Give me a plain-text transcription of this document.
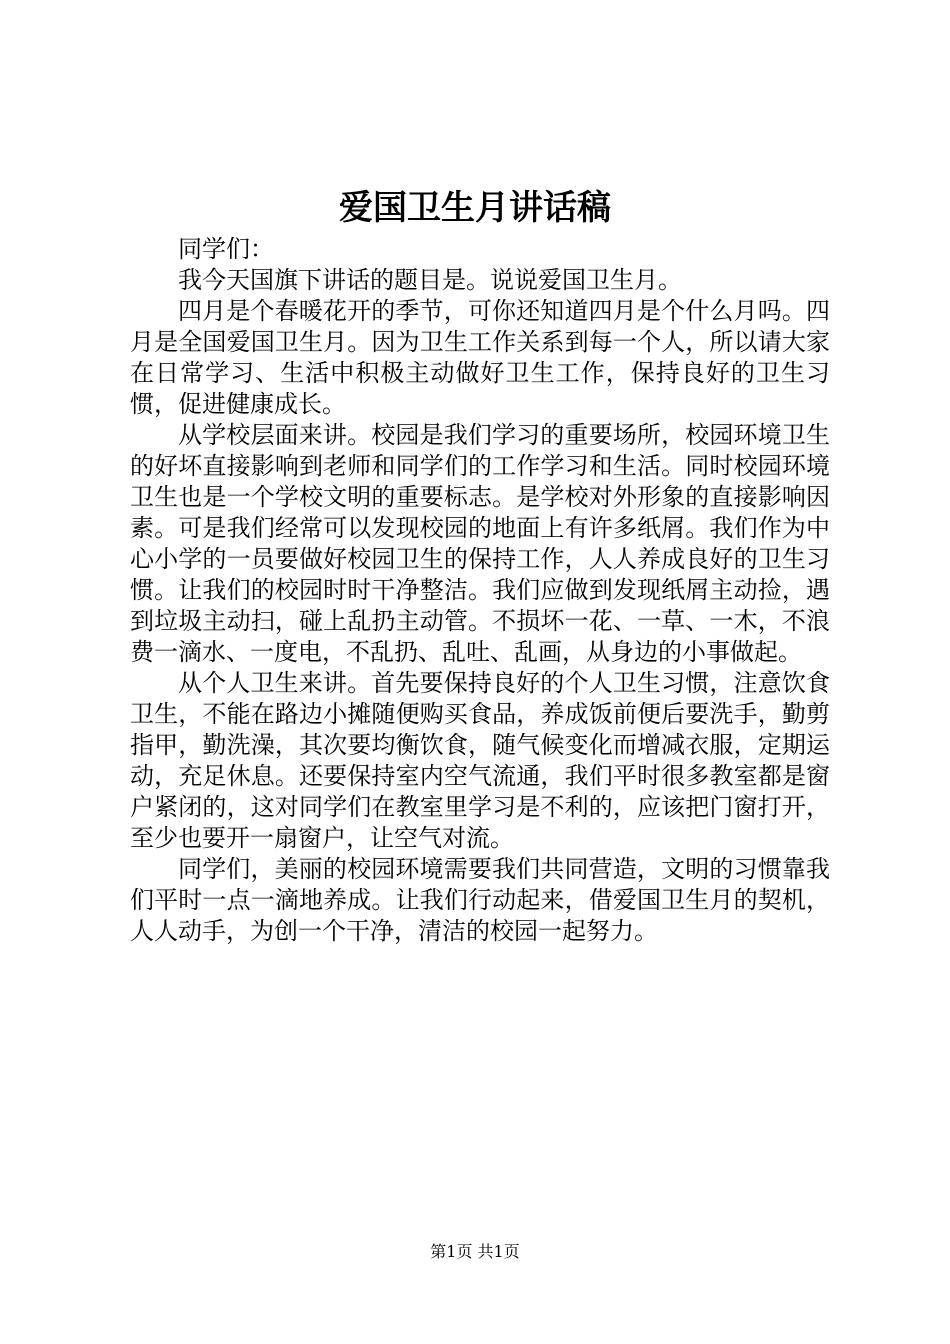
爱国卫生月讲话稿

同学们：

我今天国旗下讲话的题目是。说说爱国卫生月。

四月是个春暖花开的季节，可你还知道四月是个什么月吗。四月是全国爱国卫生月。因为卫生工作关系到每一个人，所以请大家在日常学习、生活中积极主动做好卫生工作，保持良好的卫生习惯，促进健康成长。

从学校层面来讲。校园是我们学习的重要场所，校园环境卫生的好坏直接影响到老师和同学们的工作学习和生活。同时校园环境卫生也是一个学校文明的重要标志。是学校对外形象的直接影响因素。可是我们经常可以发现校园的地面上有许多纸屑。我们作为中心小学的一员要做好校园卫生的保持工作，人人养成良好的卫生习惯。让我们的校园时时干净整洁。我们应做到发现纸屑主动捡，遇到垃圾主动扫，碰上乱扔主动管。不损坏一花、一草、一木，不浪费一滴水、一度电，不乱扔、乱吐、乱画，从身边的小事做起。

从个人卫生来讲。首先要保持良好的个人卫生习惯，注意饮食卫生，不能在路边小摊随便购买食品，养成饭前便后要洗手，勤剪指甲，勤洗澡，其次要均衡饮食，随气候变化而增减衣服，定期运动，充足休息。还要保持室内空气流通，我们平时很多教室都是窗户紧闭的，这对同学们在教室里学习是不利的，应该把门窗打开，至少也要开一扇窗户，让空气对流。

同学们，美丽的校园环境需要我们共同营造，文明的习惯靠我们平时一点一滴地养成。让我们行动起来，借爱国卫生月的契机，人人动手，为创一个干净，清洁的校园一起努力。

第1页 共1页
